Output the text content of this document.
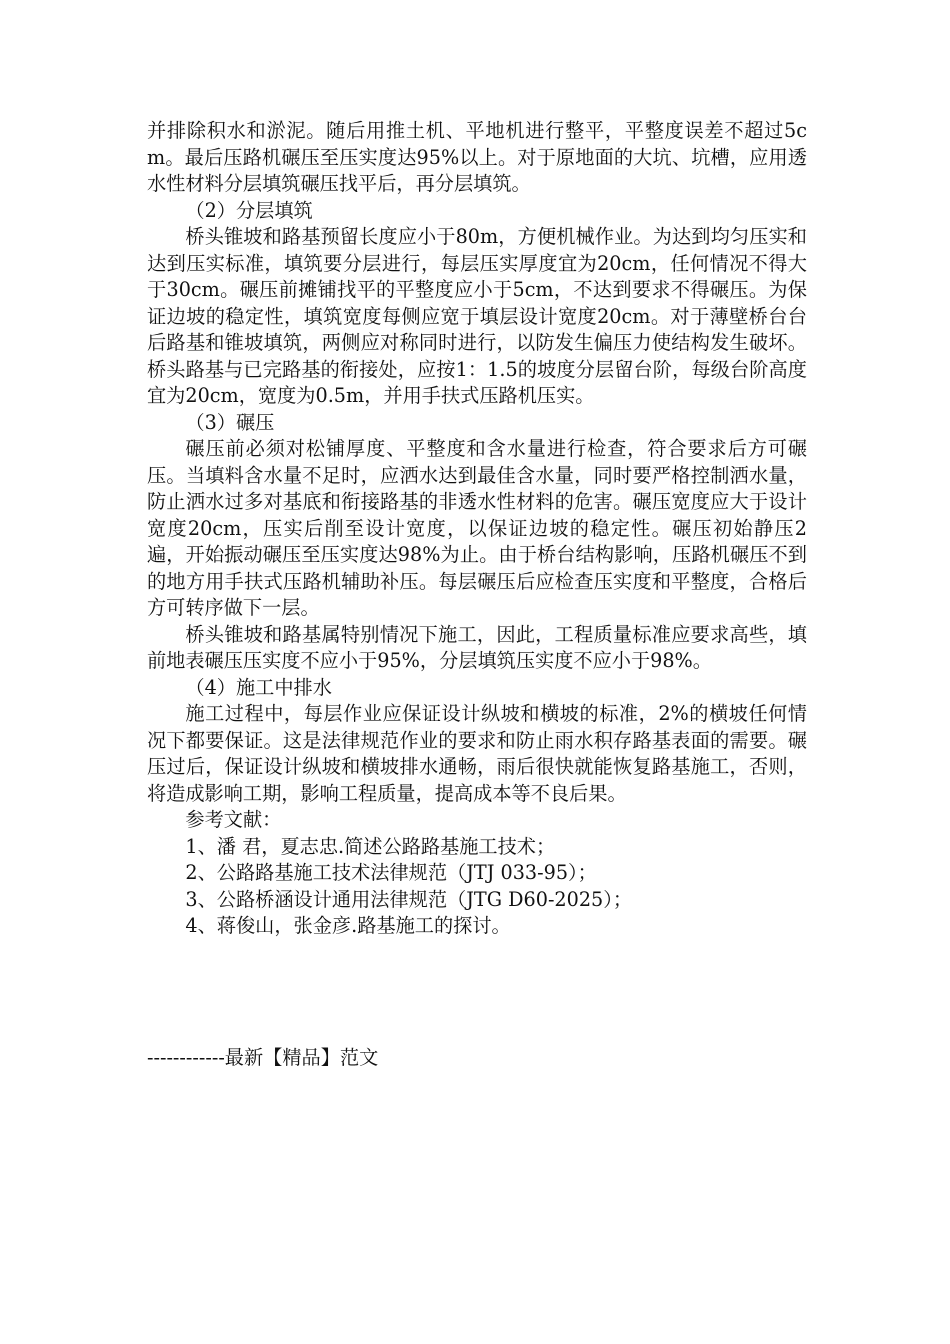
并排除积水和淤泥。随后用推土机、平地机进行整平，平整度误差不超过5cm。最后压路机碾压至压实度达95%以上。对于原地面的大坑、坑槽，应用透水性材料分层填筑碾压找平后，再分层填筑。

（2）分层填筑

桥头锥坡和路基预留长度应小于80m，方便机械作业。为达到均匀压实和达到压实标准，填筑要分层进行，每层压实厚度宜为20cm，任何情况不得大于30cm。碾压前摊铺找平的平整度应小于5cm，不达到要求不得碾压。为保证边坡的稳定性，填筑宽度每侧应宽于填层设计宽度20cm。对于薄壁桥台台后路基和锥坡填筑，两侧应对称同时进行，以防发生偏压力使结构发生破坏。桥头路基与已完路基的衔接处，应按1：1.5的坡度分层留台阶，每级台阶高度宜为20cm，宽度为0.5m，并用手扶式压路机压实。

（3）碾压

碾压前必须对松铺厚度、平整度和含水量进行检查，符合要求后方可碾压。当填料含水量不足时，应洒水达到最佳含水量，同时要严格控制洒水量，防止洒水过多对基底和衔接路基的非透水性材料的危害。碾压宽度应大于设计宽度20cm，压实后削至设计宽度，以保证边坡的稳定性。碾压初始静压2遍，开始振动碾压至压实度达98%为止。由于桥台结构影响，压路机碾压不到的地方用手扶式压路机辅助补压。每层碾压后应检查压实度和平整度，合格后方可转序做下一层。

桥头锥坡和路基属特别情况下施工，因此，工程质量标准应要求高些，填前地表碾压压实度不应小于95%，分层填筑压实度不应小于98%。

（4）施工中排水

施工过程中，每层作业应保证设计纵坡和横坡的标准，2%的横坡任何情况下都要保证。这是法律规范作业的要求和防止雨水积存路基表面的需要。碾压过后，保证设计纵坡和横坡排水通畅，雨后很快就能恢复路基施工，否则，将造成影响工期，影响工程质量，提高成本等不良后果。

参考文献：

1、潘 君，夏志忠.简述公路路基施工技术；
2、公路路基施工技术法律规范（JTJ 033-95）；
3、公路桥涵设计通用法律规范（JTG D60-2025）；
4、蒋俊山，张金彦.路基施工的探讨。
------------最新【精品】范文
